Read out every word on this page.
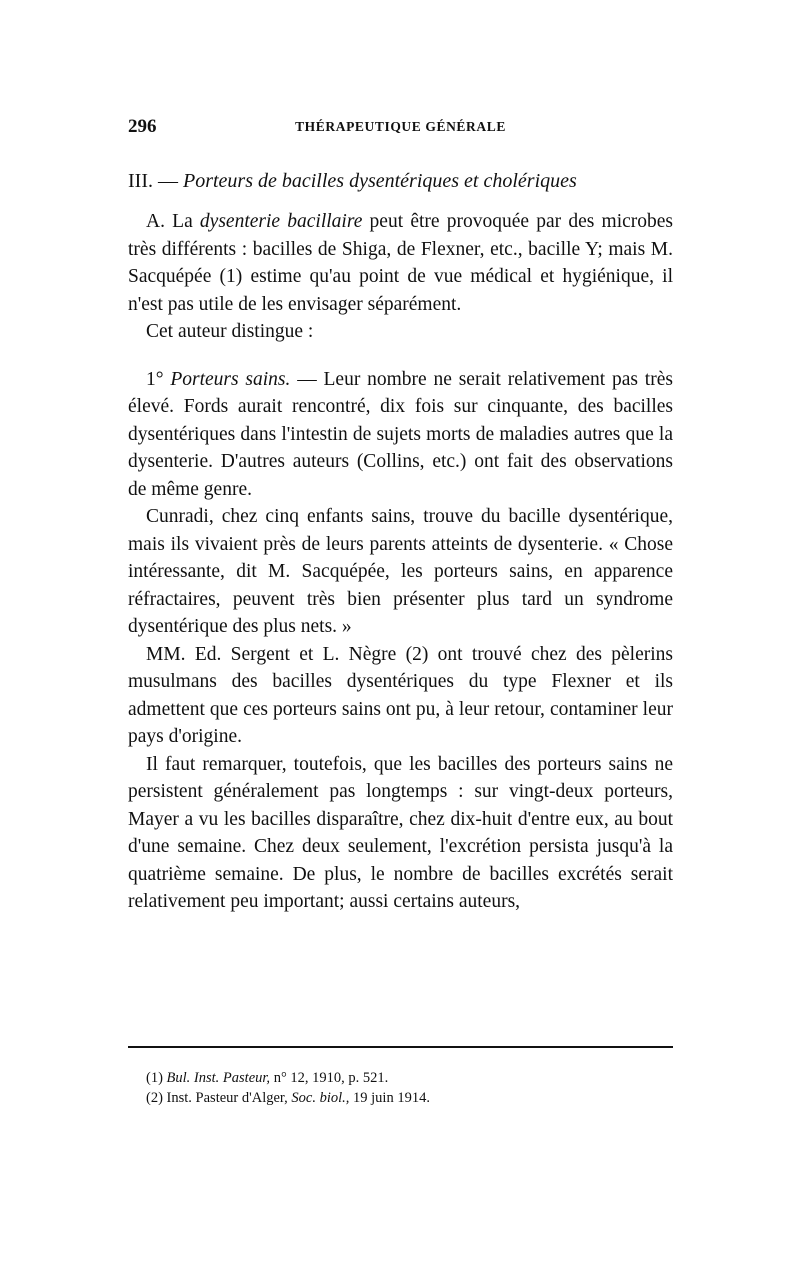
296	THÉRAPEUTIQUE GÉNÉRALE
III. — Porteurs de bacilles dysentériques et cholériques

A. La dysenterie bacillaire peut être provoquée par des microbes très différents : bacilles de Shiga, de Flexner, etc., bacille Y; mais M. Sacquépée (1) estime qu'au point de vue médical et hygiénique, il n'est pas utile de les envisager séparément.

Cet auteur distingue :

1° Porteurs sains. — Leur nombre ne serait relativement pas très élevé. Fords aurait rencontré, dix fois sur cinquante, des bacilles dysentériques dans l'intestin de sujets morts de maladies autres que la dysenterie. D'autres auteurs (Collins, etc.) ont fait des observations de même genre.

Cunradi, chez cinq enfants sains, trouve du bacille dysentérique, mais ils vivaient près de leurs parents atteints de dysenterie. « Chose intéressante, dit M. Sacquépée, les porteurs sains, en apparence réfractaires, peuvent très bien présenter plus tard un syndrome dysentérique des plus nets. »

MM. Ed. Sergent et L. Nègre (2) ont trouvé chez des pèlerins musulmans des bacilles dysentériques du type Flexner et ils admettent que ces porteurs sains ont pu, à leur retour, contaminer leur pays d'origine.

Il faut remarquer, toutefois, que les bacilles des porteurs sains ne persistent généralement pas longtemps : sur vingt-deux porteurs, Mayer a vu les bacilles disparaître, chez dix-huit d'entre eux, au bout d'une semaine. Chez deux seulement, l'excrétion persista jusqu'à la quatrième semaine. De plus, le nombre de bacilles excrétés serait relativement peu important; aussi certains auteurs,

(1) Bul. Inst. Pasteur, n° 12, 1910, p. 521.

(2) Inst. Pasteur d'Alger, Soc. biol., 19 juin 1914.
